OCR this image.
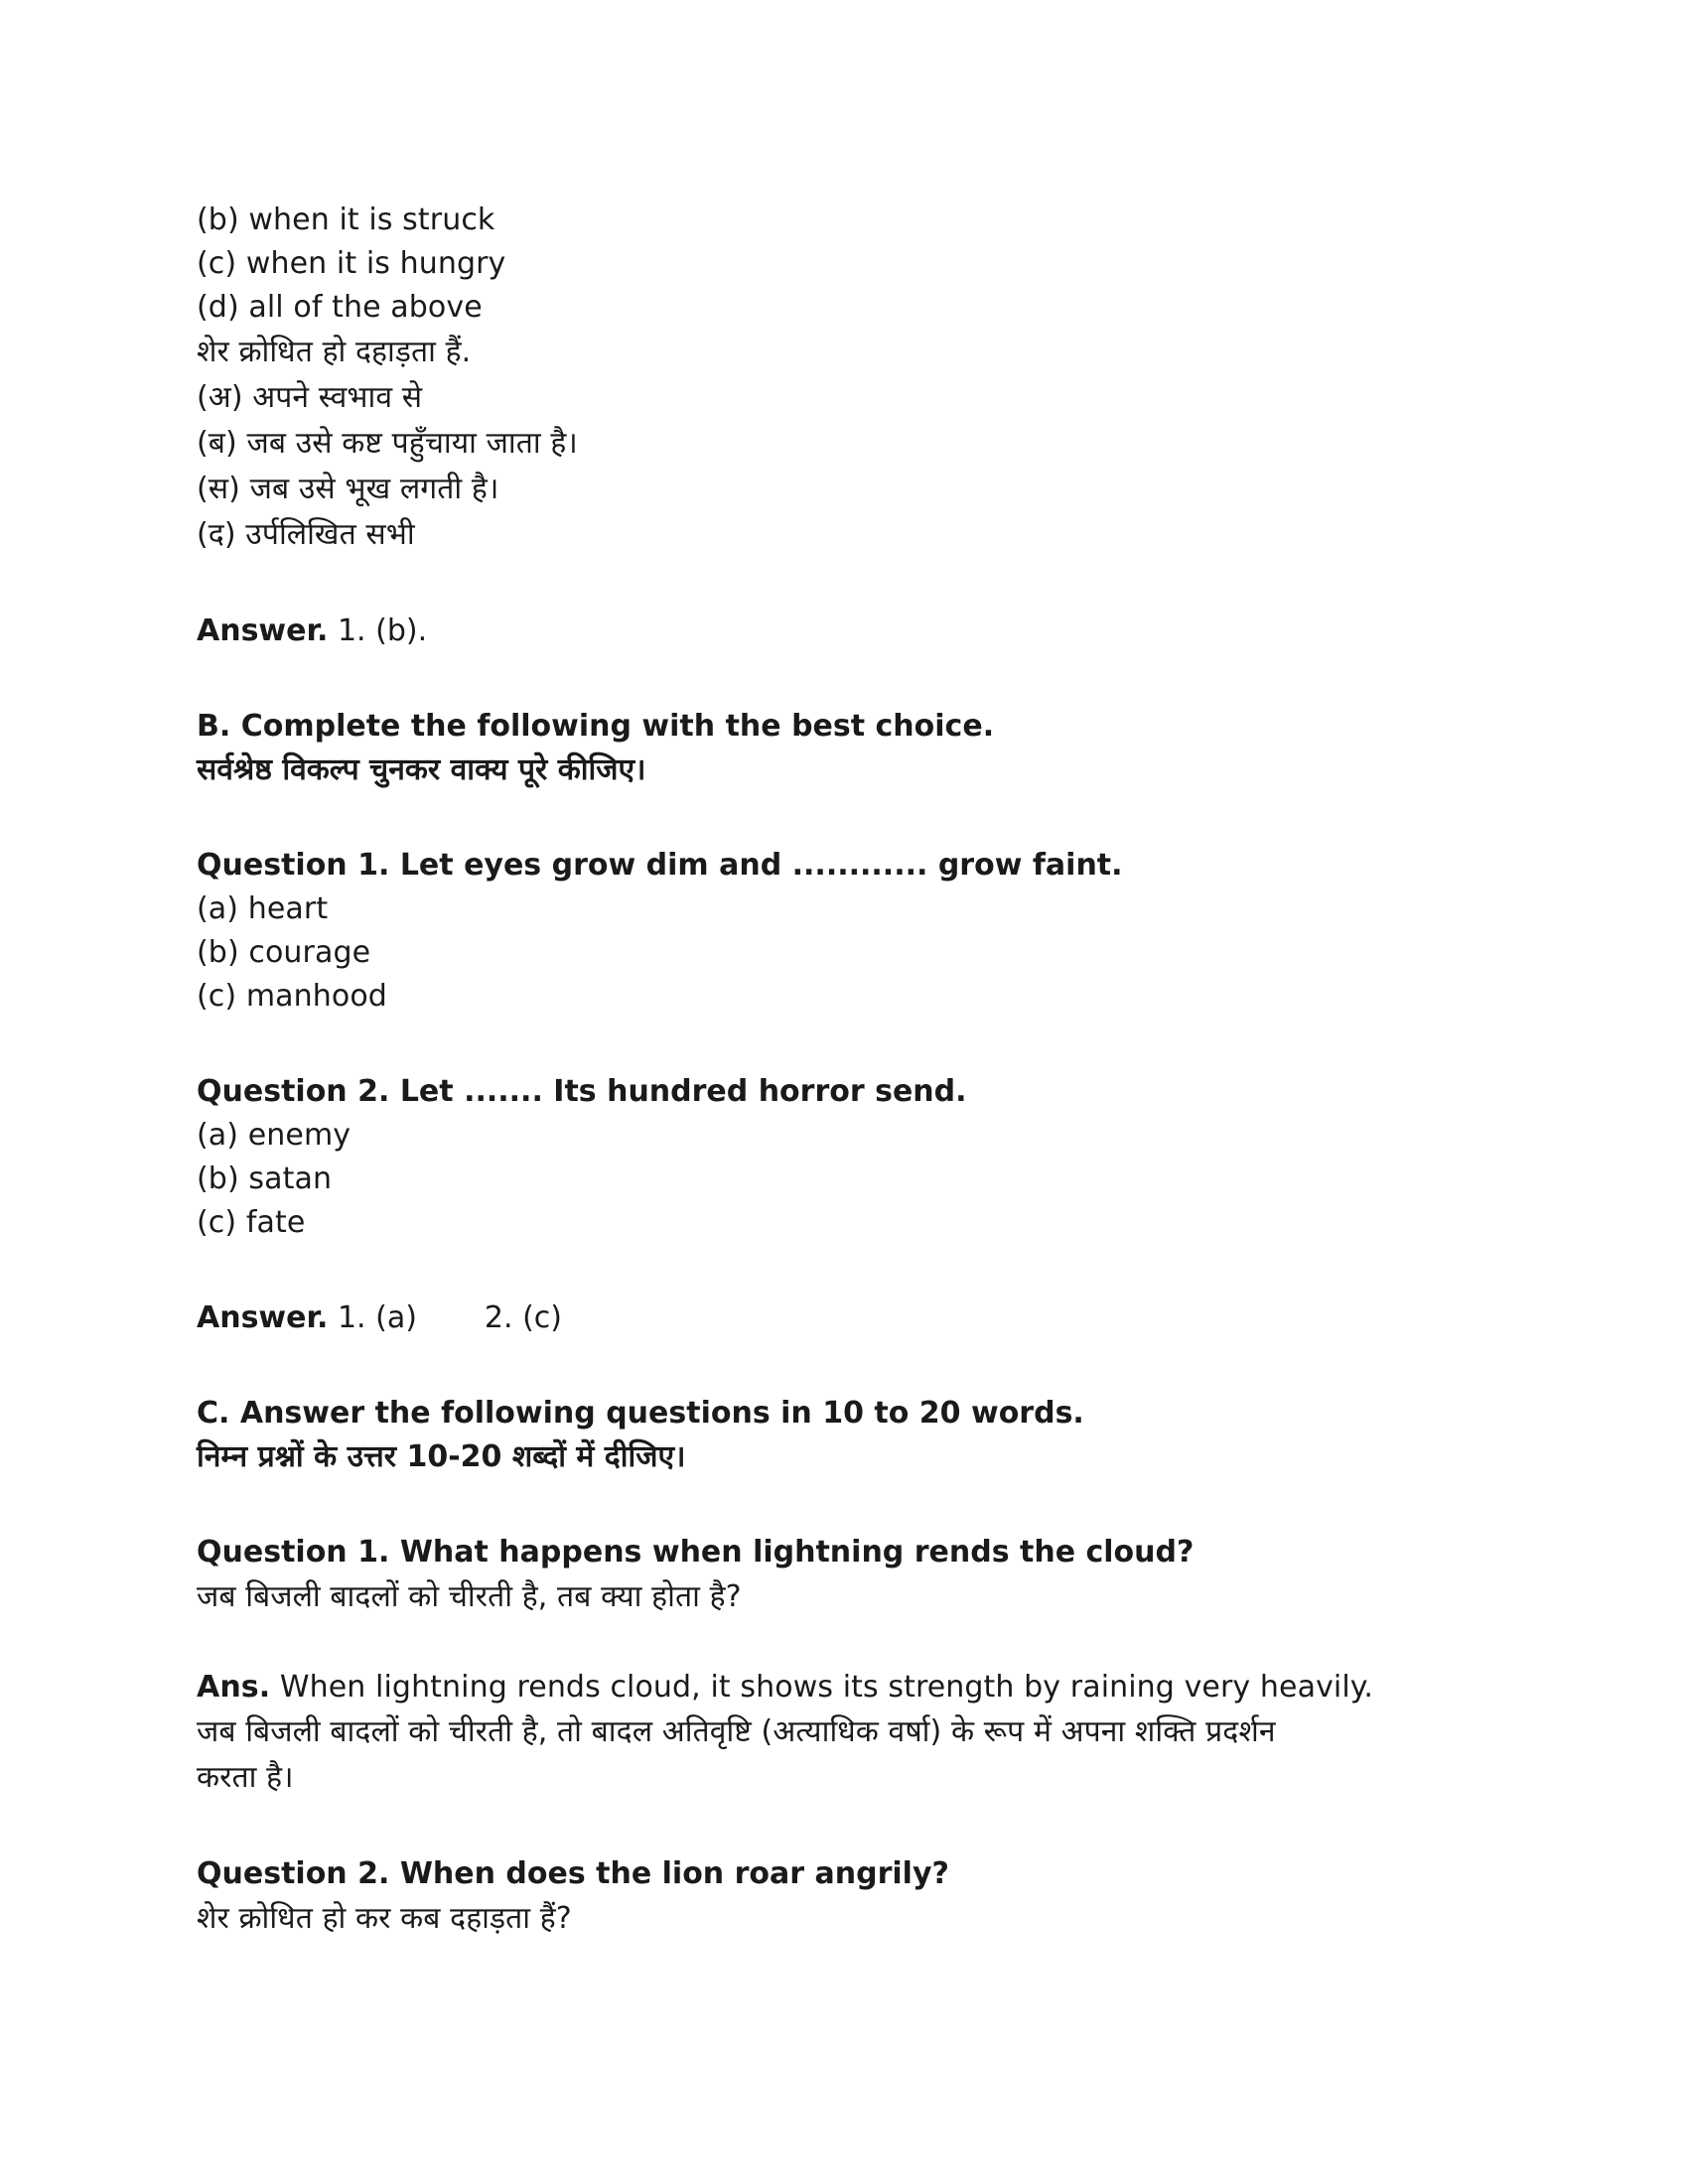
(b) when it is struck
(c) when it is hungry
(d) all of the above
शेर क्रोधित हो दहाड़ता हैं.
(अ) अपने स्वभाव से
(ब) जब उसे कष्ट पहुँचाया जाता है।
(स) जब उसे भूख लगती है।
(द) उर्पलिखित सभी
Answer. 1. (b).
B. Complete the following with the best choice.
सर्वश्रेष्ठ विकल्प चुनकर वाक्य पूरे कीजिए।
Question 1. Let eyes grow dim and ............ grow faint.
(a) heart
(b) courage
(c) manhood
Question 2. Let ....... Its hundred horror send.
(a) enemy
(b) satan
(c) fate
Answer. 1. (a) 2. (c)
C. Answer the following questions in 10 to 20 words.
निम्न प्रश्नों के उत्तर 10-20 शब्दों में दीजिए।
Question 1. What happens when lightning rends the cloud?
जब बिजली बादलों को चीरती है, तब क्या होता है?
Ans. When lightning rends cloud, it shows its strength by raining very heavily.
जब बिजली बादलों को चीरती है, तो बादल अतिवृष्टि (अत्याधिक वर्षा) के रूप में अपना शक्ति प्रदर्शन
करता है।
Question 2. When does the lion roar angrily?
शेर क्रोधित हो कर कब दहाड़ता हैं?
